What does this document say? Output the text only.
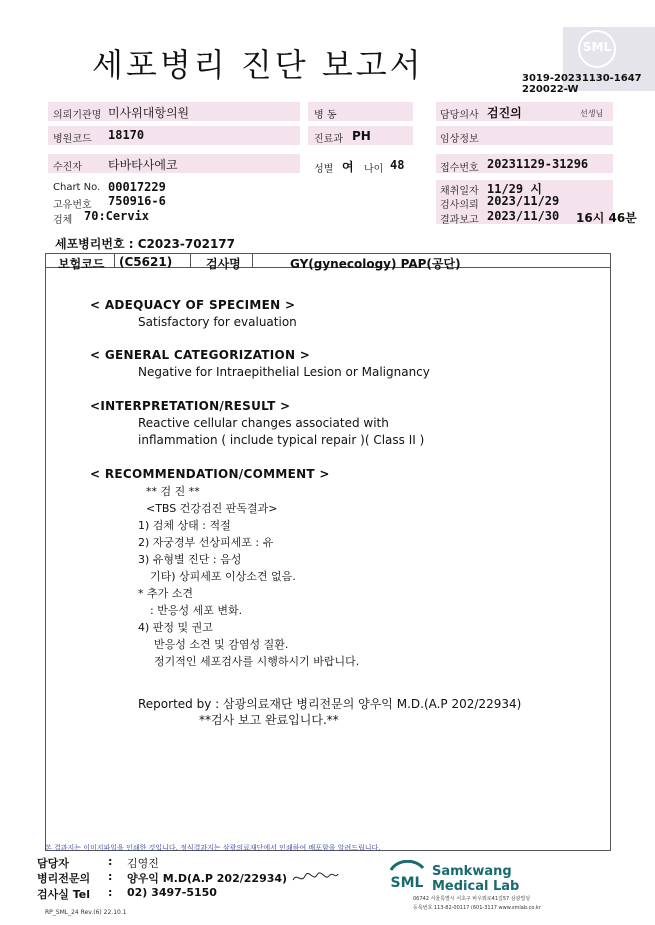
세포병리 진단 보고서	SML
3019-20231130-1647
220022-W
의뢰기관명 미사위대항의원	병 동	담당의사 검진의	선생님
병원코드 18170	진료과 PH	임상정보
수진자 타바타사에코	성별 여 나이 48	접수번호 20231129-31296
Chart No. 00017229
고유번호 750916-6
검체 70:Cervix
채취일자 11/29 시
검사의뢰 2023/11/29
결과보고 2023/11/30 16시 46분
세포병리번호 : C2023-702177
보험코드 (C5621)	검사명	GY(gynecology) PAP(공단)
< ADEQUACY OF SPECIMEN >
Satisfactory for evaluation
< GENERAL CATEGORIZATION >
Negative for Intraepithelial Lesion or Malignancy
<INTERPRETATION/RESULT >
Reactive cellular changes associated with
inflammation ( include typical repair )( Class II )
< RECOMMENDATION/COMMENT >
** 검 진 **
<TBS 건강검진 판독결과>
1) 검체 상태 : 적절
2) 자궁경부 선상피세포 : 유
3) 유형별 진단 : 음성
기타) 상피세포 이상소견 없음.
* 추가 소견
: 반응성 세포 변화.
4) 판정 및 권고
반응성 소견 및 감염성 질환.
정기적인 세포검사를 시행하시기 바랍니다.
Reported by : 삼광의료재단 병리전문의 양우익 M.D.(A.P 202/22934)
**검사 보고 완료입니다.**
본 결과지는 이미지파일을 인쇄한 것입니다. 정식결과지는 삼광의료재단에서 인쇄하여 배포함을 알려드립니다.
담당자	: 김영진
병리전문의 : 양우익 M.D(A.P 202/22934)
검사실 Tel : 02) 3497-5150
SML
Samkwang
Medical Lab
06742 서울특별시 서초구 바우뫼로41길57 삼광빌딩
등록번호 113-82-00117 (601-3117 www.smlab.co.kr
RP_SML_24 Rev.(6) 22.10.1
